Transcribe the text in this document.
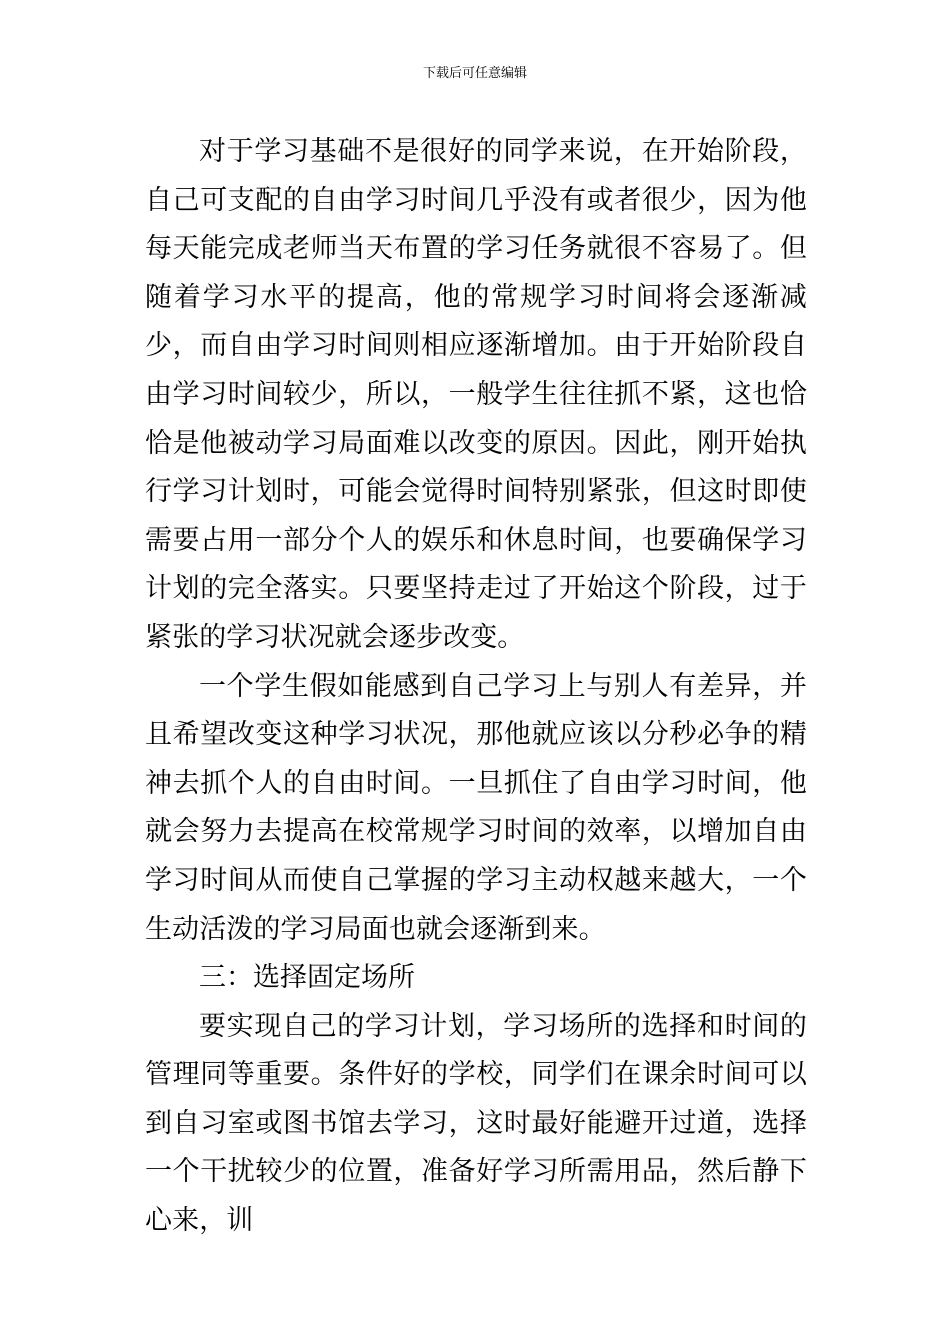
下载后可任意编辑

对于学习基础不是很好的同学来说，在开始阶段，自己可支配的自由学习时间几乎没有或者很少，因为他每天能完成老师当天布置的学习任务就很不容易了。但随着学习水平的提高，他的常规学习时间将会逐渐减少，而自由学习时间则相应逐渐增加。由于开始阶段自由学习时间较少，所以，一般学生往往抓不紧，这也恰恰是他被动学习局面难以改变的原因。因此，刚开始执行学习计划时，可能会觉得时间特别紧张，但这时即使需要占用一部分个人的娱乐和休息时间，也要确保学习计划的完全落实。只要坚持走过了开始这个阶段，过于紧张的学习状况就会逐步改变。

一个学生假如能感到自己学习上与别人有差异，并且希望改变这种学习状况，那他就应该以分秒必争的精神去抓个人的自由时间。一旦抓住了自由学习时间，他就会努力去提高在校常规学习时间的效率，以增加自由学习时间从而使自己掌握的学习主动权越来越大，一个生动活泼的学习局面也就会逐渐到来。

三：选择固定场所

要实现自己的学习计划，学习场所的选择和时间的管理同等重要。条件好的学校，同学们在课余时间可以到自习室或图书馆去学习，这时最好能避开过道，选择一个干扰较少的位置，准备好学习所需用品，然后静下心来，训
